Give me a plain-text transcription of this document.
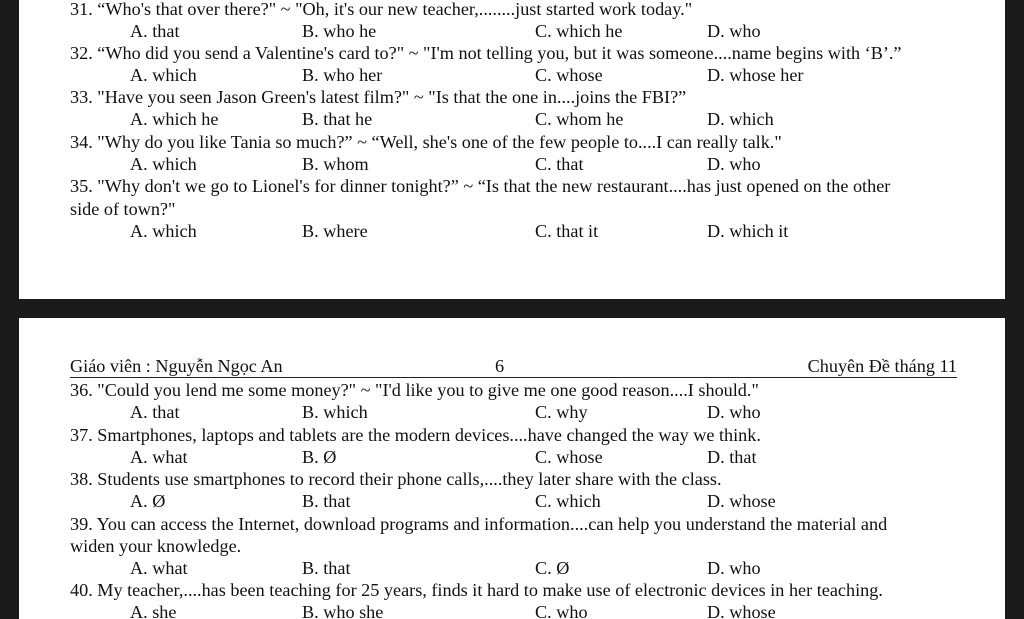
31. “Who's that over there?" ~ "Oh, it's our new teacher,........just started work today."
A. that	B. who he	C. which he	D. who
32. “Who did you send a Valentine's card to?" ~ "I'm not telling you, but it was someone....name begins with ‘B’.”
A. which	B. who her	C. whose	D. whose her
33. "Have you seen Jason Green's latest film?" ~ "Is that the one in....joins the FBI?”
A. which he	B. that he	C. whom he	D. which
34. "Why do you like Tania so much?” ~ “Well, she's one of the few people to....I can really talk."
A. which	B. whom	C. that	D. who
35. "Why don't we go to Lionel's for dinner tonight?” ~ “Is that the new restaurant....has just opened on the other
side of town?"
A. which	B. where	C. that it	D. which it
Giáo viên : Nguyễn Ngọc An	6	Chuyên Đề tháng 11
36. "Could you lend me some money?" ~ "I'd like you to give me one good reason....I should."
A. that	B. which	C. why	D. who
37. Smartphones, laptops and tablets are the modern devices....have changed the way we think.
A. what	B. Ø	C. whose	D. that
38. Students use smartphones to record their phone calls,....they later share with the class.
A. Ø	B. that	C. which	D. whose
39. You can access the Internet, download programs and information....can help you understand the material and
widen your knowledge.
A. what	B. that	C. Ø	D. who
40. My teacher,....has been teaching for 25 years, finds it hard to make use of electronic devices in her teaching.
A. she	B. who she	C. who	D. whose
